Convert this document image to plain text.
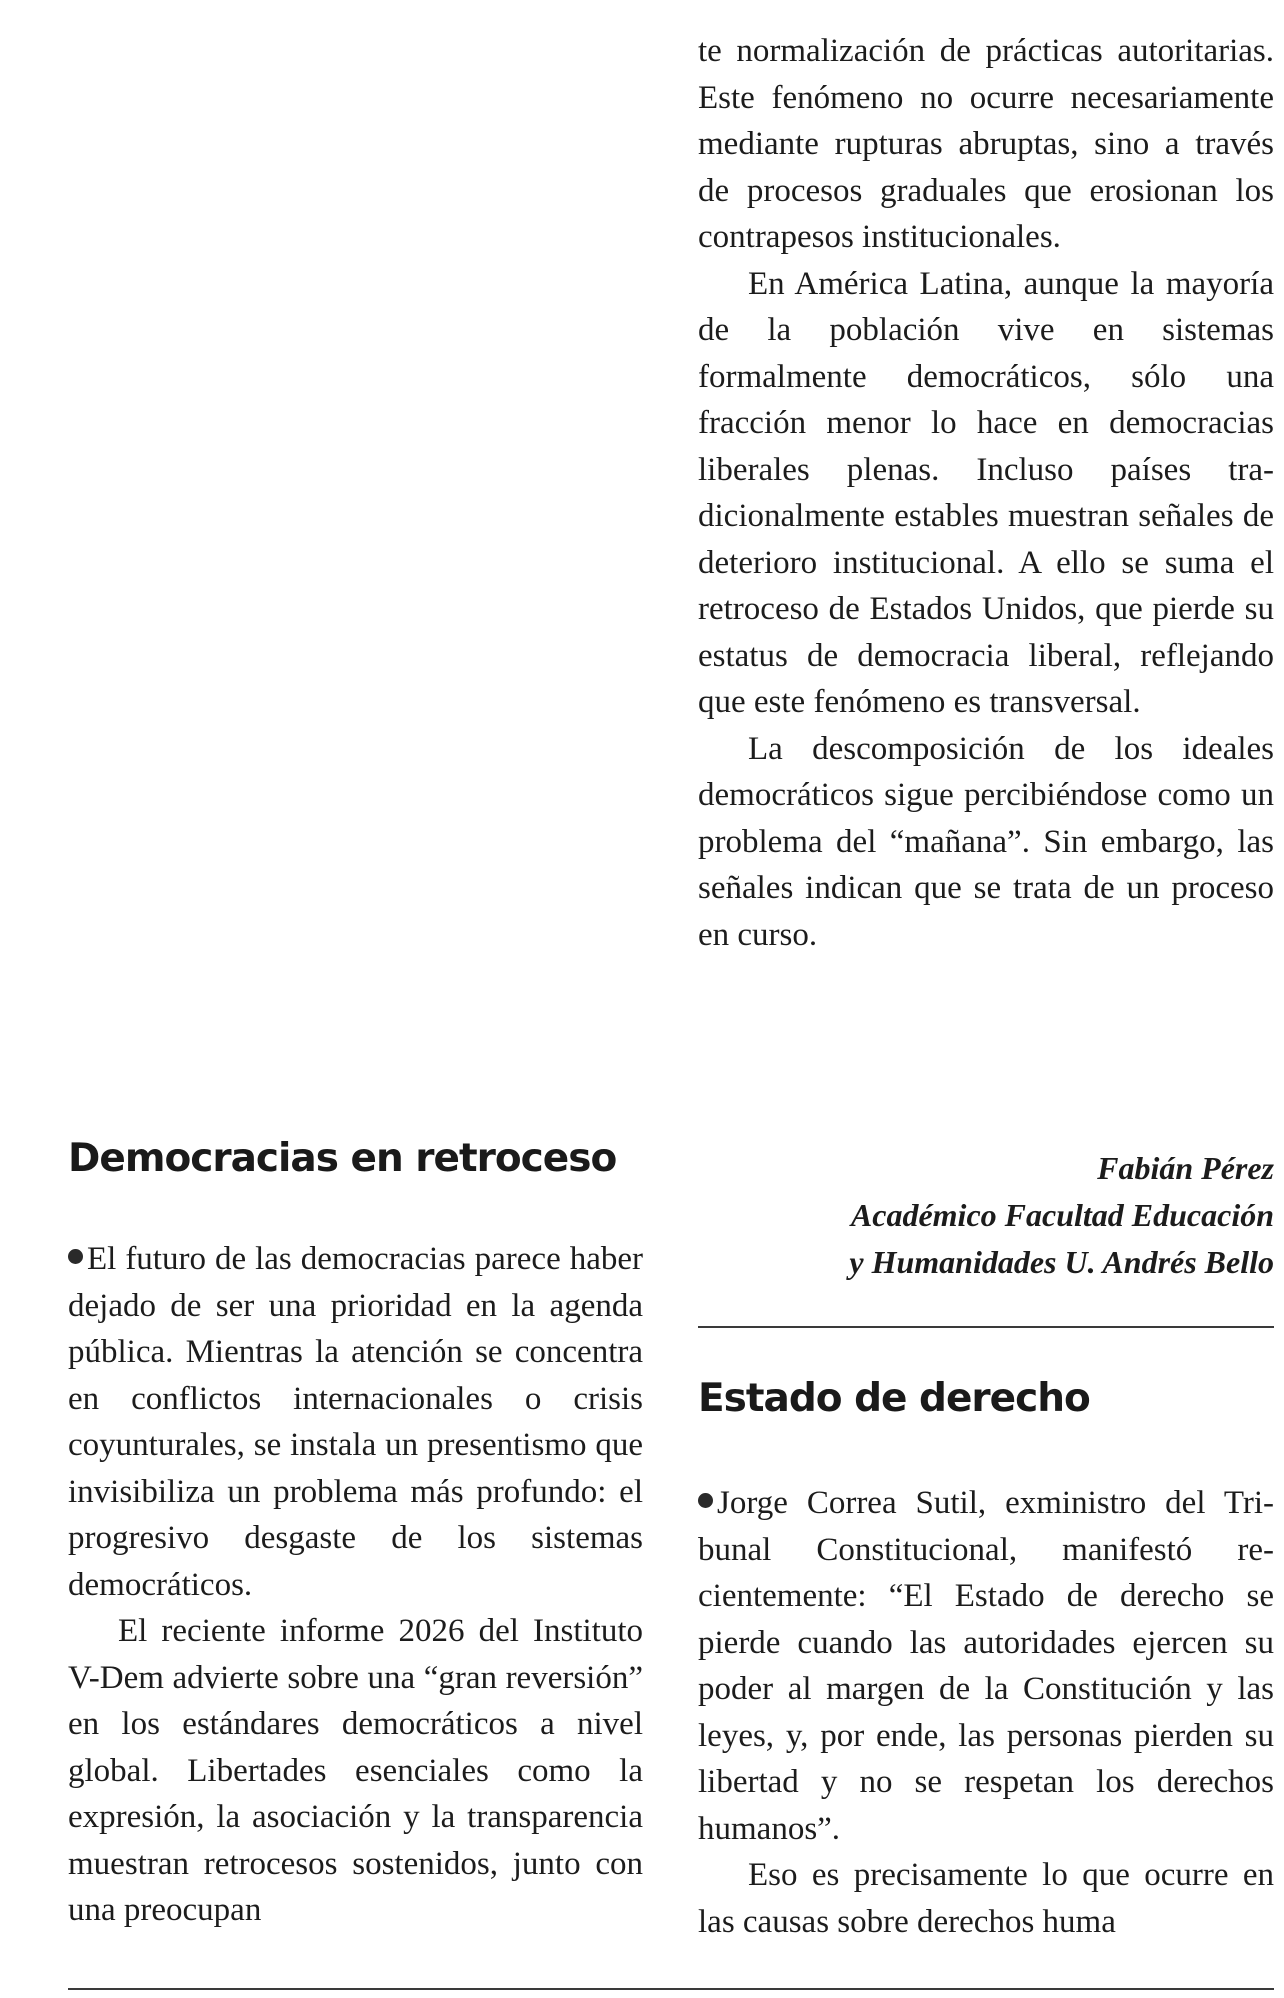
Democracias en retroceso

El futuro de las democracias parece haber dejado de ser una prioridad en la agenda pública. Mientras la atención se concentra en conflictos internacionales o crisis coyunturales, se instala un presentismo que invisibiliza un problema más profundo: el progresivo desgaste de los sistemas democráticos.

El reciente informe 2026 del Instituto V-Dem advierte sobre una “gran reversión” en los estándares democráticos a nivel global. Libertades esenciales como la expresión, la asociación y la transparencia muestran retrocesos sostenidos, junto con una preocupan

te normalización de prácticas autoritarias. Este fenómeno no ocurre necesariamente mediante rupturas abruptas, sino a través de procesos graduales que erosionan los contrapesos institucionales.

En América Latina, aunque la mayoría de la población vive en sistemas formalmente democráticos, sólo una fracción menor lo hace en democracias liberales plenas. Incluso países tradicionalmente estables muestran señales de deterioro institucional. A ello se suma el retroceso de Estados Unidos, que pierde su estatus de democracia liberal, reflejando que este fenómeno es transversal.

La descomposición de los ideales democráticos sigue percibiéndose como un problema del “mañana”. Sin embargo, las señales indican que se trata de un proceso en curso.

Fabián Pérez
Académico Facultad Educación
y Humanidades U. Andrés Bello
Estado de derecho

Jorge Correa Sutil, exministro del Tribunal Constitucional, manifestó recientemente: “El Estado de derecho se pierde cuando las autoridades ejercen su poder al margen de la Constitución y las leyes, y, por ende, las personas pierden su libertad y no se respetan los derechos humanos”.

Eso es precisamente lo que ocurre en las causas sobre derechos huma
